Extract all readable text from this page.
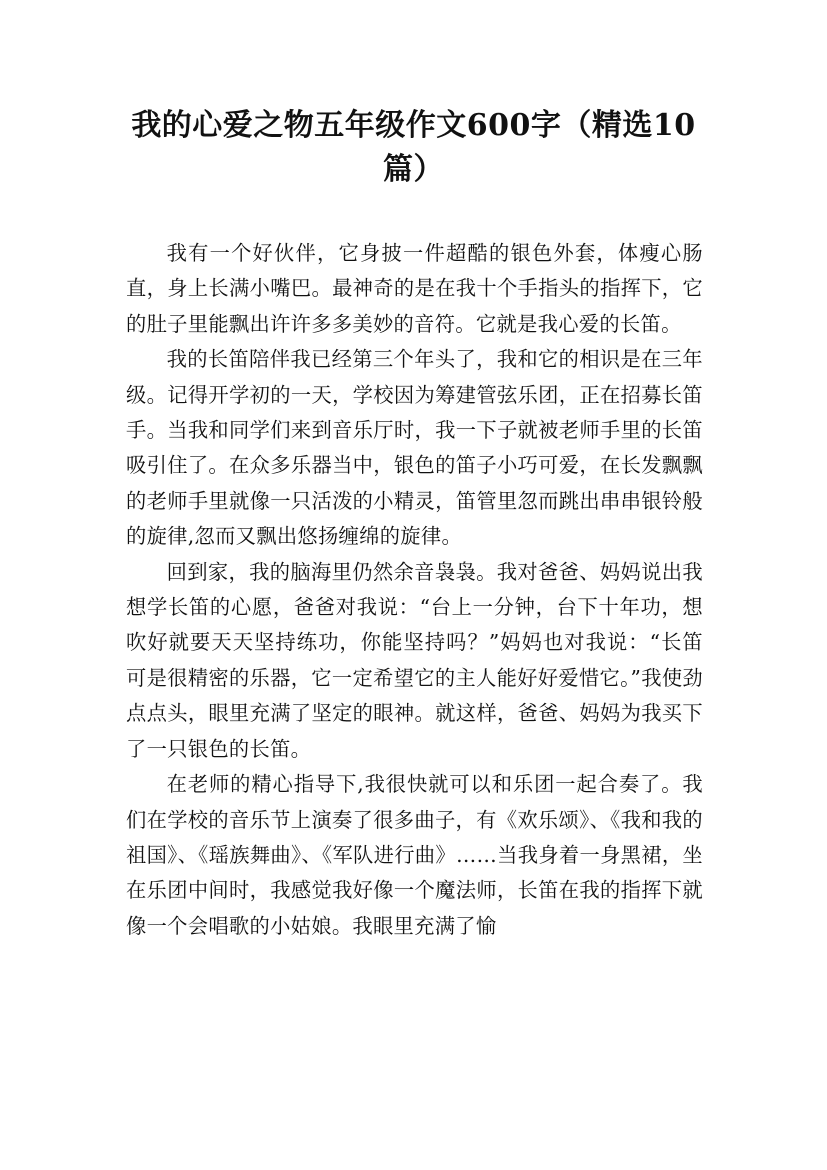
我的心爱之物五年级作文600字（精选10篇）

我有一个好伙伴，它身披一件超酷的银色外套，体瘦心肠直，身上长满小嘴巴。最神奇的是在我十个手指头的指挥下，它的肚子里能飘出许许多多美妙的音符。它就是我心爱的长笛。

我的长笛陪伴我已经第三个年头了，我和它的相识是在三年级。记得开学初的一天，学校因为筹建管弦乐团，正在招募长笛手。当我和同学们来到音乐厅时，我一下子就被老师手里的长笛吸引住了。在众多乐器当中，银色的笛子小巧可爱，在长发飘飘的老师手里就像一只活泼的小精灵，笛管里忽而跳出串串银铃般的旋律,忽而又飘出悠扬缠绵的旋律。

回到家，我的脑海里仍然余音袅袅。我对爸爸、妈妈说出我想学长笛的心愿，爸爸对我说：“台上一分钟，台下十年功，想吹好就要天天坚持练功，你能坚持吗？”妈妈也对我说：“长笛可是很精密的乐器，它一定希望它的主人能好好爱惜它。”我使劲点点头，眼里充满了坚定的眼神。就这样，爸爸、妈妈为我买下了一只银色的长笛。

在老师的精心指导下,我很快就可以和乐团一起合奏了。我们在学校的音乐节上演奏了很多曲子，有《欢乐颂》、《我和我的祖国》、《瑶族舞曲》、《军队进行曲》……当我身着一身黑裙，坐在乐团中间时，我感觉我好像一个魔法师，长笛在我的指挥下就像一个会唱歌的小姑娘。我眼里充满了愉
